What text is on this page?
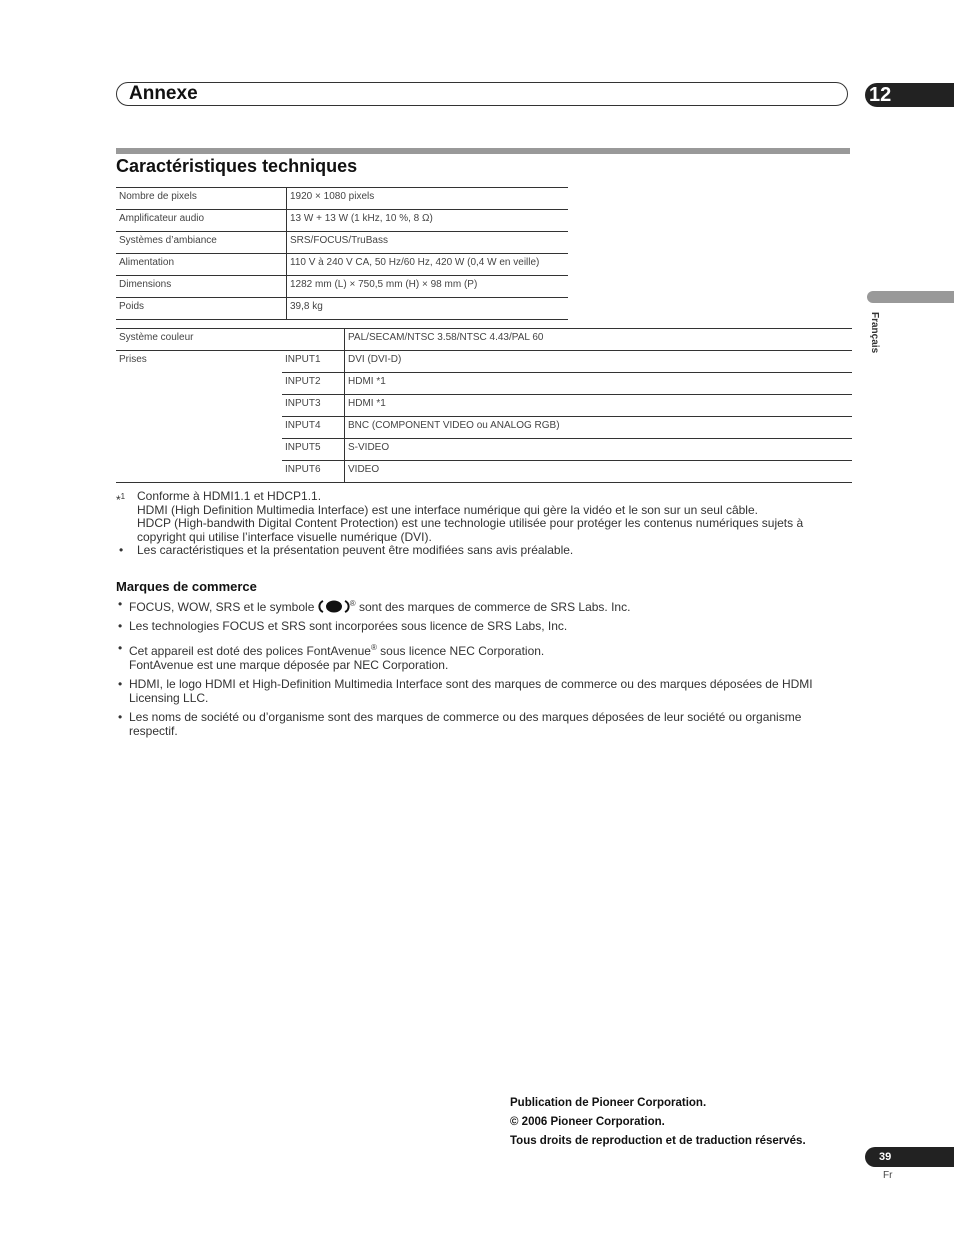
Annexe	12
Caractéristiques techniques
Nombre de pixels	1920 × 1080 pixels
Amplificateur audio	13 W + 13 W (1 kHz, 10 %, 8 Ω)
Systèmes d’ambiance	SRS/FOCUS/TruBass
Alimentation	110 V à 240 V CA, 50 Hz/60 Hz, 420 W (0,4 W en veille)
Dimensions	1282 mm (L) × 750,5 mm (H) × 98 mm (P)
Poids	39,8 kg
Système couleur		PAL/SECAM/NTSC 3.58/NTSC 4.43/PAL 60
Prises	INPUT1	DVI (DVI-D)
	INPUT2	HDMI *1
	INPUT3	HDMI *1
	INPUT4	BNC (COMPONENT VIDEO ou ANALOG RGB)
	INPUT5	S-VIDEO
	INPUT6	VIDEO
Français
*$^1$ Conforme à HDMI1.1 et HDCP1.1.
HDMI (High Definition Multimedia Interface) est une interface numérique qui gère la vidéo et le son sur un seul câble.
HDCP (High-bandwith Digital Content Protection) est une technologie utilisée pour protéger les contenus numériques sujets à copyright qui utilise l’interface visuelle numérique (DVI).
• Les caractéristiques et la présentation peuvent être modifiées sans avis préalable.
Marques de commerce
• FOCUS, WOW, SRS et le symbole	® sont des marques de commerce de SRS Labs. Inc.
• Les technologies FOCUS et SRS sont incorporées sous licence de SRS Labs, Inc.
• Cet appareil est doté des polices FontAvenue® sous licence NEC Corporation.
FontAvenue est une marque déposée par NEC Corporation.
• HDMI, le logo HDMI et High-Definition Multimedia Interface sont des marques de commerce ou des marques déposées de HDMI Licensing LLC.
• Les noms de société ou d’organisme sont des marques de commerce ou des marques déposées de leur société ou organisme respectif.
Publication de Pioneer Corporation.
© 2006 Pioneer Corporation.
Tous droits de reproduction et de traduction réservés.
39
Fr
